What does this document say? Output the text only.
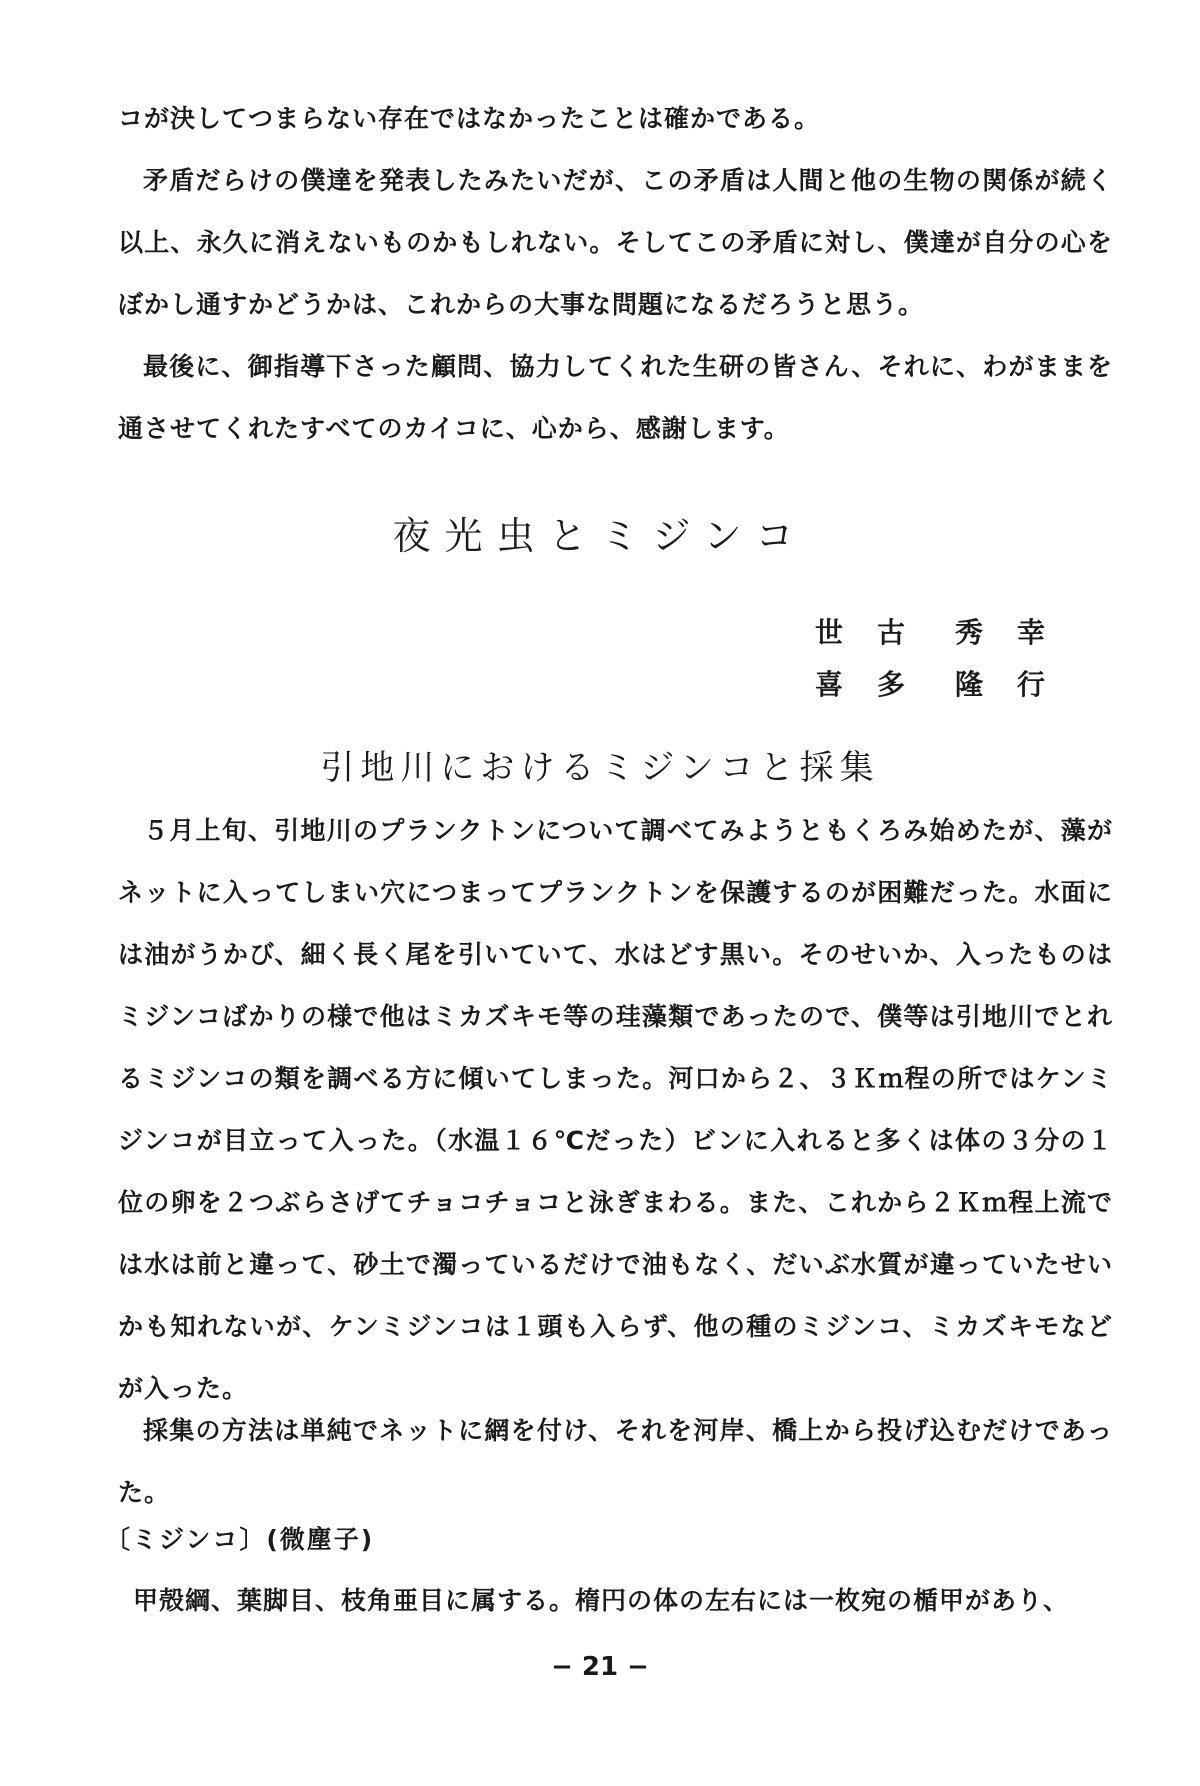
コが決してつまらない存在ではなかったことは確かである。

矛盾だらけの僕達を発表したみたいだが、この矛盾は人間と他の生物の関係が続く以上、永久に消えないものかもしれない。そしてこの矛盾に対し、僕達が自分の心をぼかし通すかどうかは、これからの大事な問題になるだろうと思う。

最後に、御指導下さった顧問、協力してくれた生研の皆さん、それに、わがままを通させてくれたすべてのカイコに、心から、感謝します。

夜光虫とミジンコ
世古 秀幸
喜多 隆行
引地川におけるミジンコと採集

５月上旬、引地川のプランクトンについて調べてみようともくろみ始めたが、藻がネットに入ってしまい穴につまってプランクトンを保護するのが困難だった。水面には油がうかび、細く長く尾を引いていて、水はどす黒い。そのせいか、入ったものはミジンコばかりの様で他はミカズキモ等の珪藻類であったので、僕等は引地川でとれるミジンコの類を調べる方に傾いてしまった。河口から２、３Ｋｍ程の所ではケンミジンコが目立って入った。（水温１６℃だった）ビンに入れると多くは体の３分の１位の卵を２つぶらさげてチョコチョコと泳ぎまわる。また、これから２Ｋｍ程上流では水は前と違って、砂土で濁っているだけで油もなく、だいぶ水質が違っていたせいかも知れないが、ケンミジンコは１頭も入らず、他の種のミジンコ、ミカズキモなどが入った。

採集の方法は単純でネットに網を付け、それを河岸、橋上から投げ込むだけであった。

〔ミジンコ〕(微塵子)

甲殻綱、葉脚目、枝角亜目に属する。楕円の体の左右には一枚宛の楯甲があり、

− 21 −
